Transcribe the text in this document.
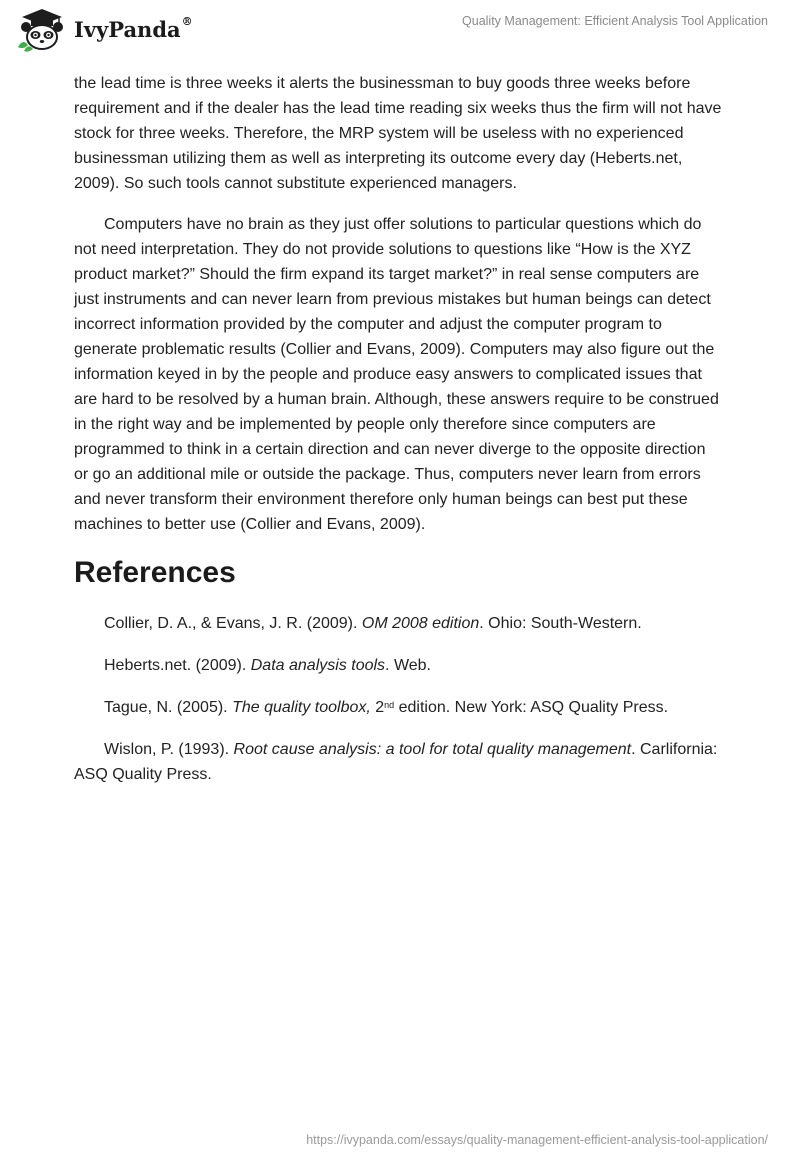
IvyPanda®	Quality Management: Efficient Analysis Tool Application

the lead time is three weeks it alerts the businessman to buy goods three weeks before requirement and if the dealer has the lead time reading six weeks thus the firm will not have stock for three weeks. Therefore, the MRP system will be useless with no experienced businessman utilizing them as well as interpreting its outcome every day (Heberts.net, 2009). So such tools cannot substitute experienced managers.

Computers have no brain as they just offer solutions to particular questions which do not need interpretation. They do not provide solutions to questions like “How is the XYZ product market?” Should the firm expand its target market?” in real sense computers are just instruments and can never learn from previous mistakes but human beings can detect incorrect information provided by the computer and adjust the computer program to generate problematic results (Collier and Evans, 2009). Computers may also figure out the information keyed in by the people and produce easy answers to complicated issues that are hard to be resolved by a human brain. Although, these answers require to be construed in the right way and be implemented by people only therefore since computers are programmed to think in a certain direction and can never diverge to the opposite direction or go an additional mile or outside the package. Thus, computers never learn from errors and never transform their environment therefore only human beings can best put these machines to better use (Collier and Evans, 2009).

References

Collier, D. A., & Evans, J. R. (2009). OM 2008 edition. Ohio: South-Western.

Heberts.net. (2009). Data analysis tools. Web.

Tague, N. (2005). The quality toolbox, 2nd edition. New York: ASQ Quality Press.

Wislon, P. (1993). Root cause analysis: a tool for total quality management. Carlifornia: ASQ Quality Press.

https://ivypanda.com/essays/quality-management-efficient-analysis-tool-application/
